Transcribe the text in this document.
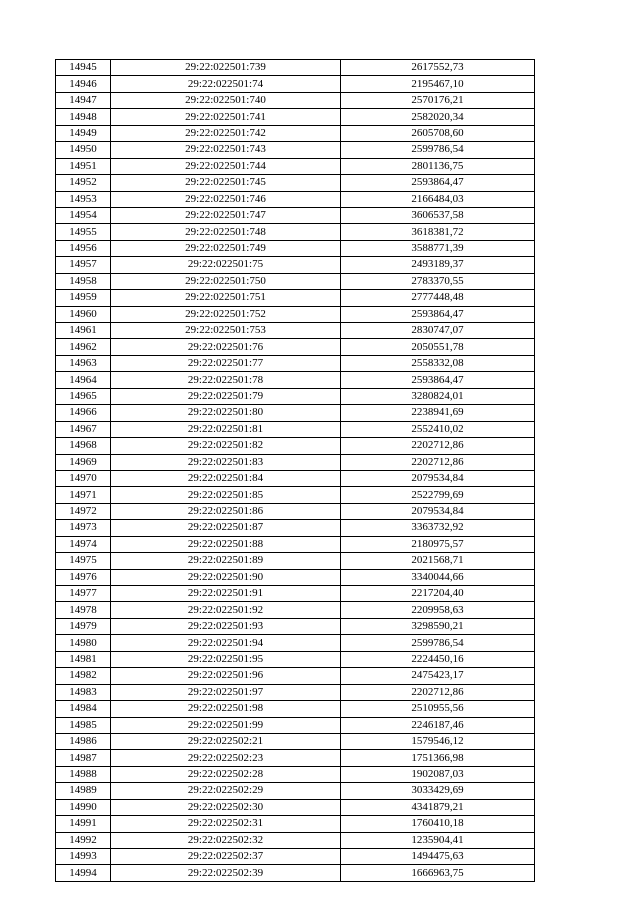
14945	29:22:022501:739	2617552,73
14946	29:22:022501:74	2195467,10
14947	29:22:022501:740	2570176,21
14948	29:22:022501:741	2582020,34
14949	29:22:022501:742	2605708,60
14950	29:22:022501:743	2599786,54
14951	29:22:022501:744	2801136,75
14952	29:22:022501:745	2593864,47
14953	29:22:022501:746	2166484,03
14954	29:22:022501:747	3606537,58
14955	29:22:022501:748	3618381,72
14956	29:22:022501:749	3588771,39
14957	29:22:022501:75	2493189,37
14958	29:22:022501:750	2783370,55
14959	29:22:022501:751	2777448,48
14960	29:22:022501:752	2593864,47
14961	29:22:022501:753	2830747,07
14962	29:22:022501:76	2050551,78
14963	29:22:022501:77	2558332,08
14964	29:22:022501:78	2593864,47
14965	29:22:022501:79	3280824,01
14966	29:22:022501:80	2238941,69
14967	29:22:022501:81	2552410,02
14968	29:22:022501:82	2202712,86
14969	29:22:022501:83	2202712,86
14970	29:22:022501:84	2079534,84
14971	29:22:022501:85	2522799,69
14972	29:22:022501:86	2079534,84
14973	29:22:022501:87	3363732,92
14974	29:22:022501:88	2180975,57
14975	29:22:022501:89	2021568,71
14976	29:22:022501:90	3340044,66
14977	29:22:022501:91	2217204,40
14978	29:22:022501:92	2209958,63
14979	29:22:022501:93	3298590,21
14980	29:22:022501:94	2599786,54
14981	29:22:022501:95	2224450,16
14982	29:22:022501:96	2475423,17
14983	29:22:022501:97	2202712,86
14984	29:22:022501:98	2510955,56
14985	29:22:022501:99	2246187,46
14986	29:22:022502:21	1579546,12
14987	29:22:022502:23	1751366,98
14988	29:22:022502:28	1902087,03
14989	29:22:022502:29	3033429,69
14990	29:22:022502:30	4341879,21
14991	29:22:022502:31	1760410,18
14992	29:22:022502:32	1235904,41
14993	29:22:022502:37	1494475,63
14994	29:22:022502:39	1666963,75
